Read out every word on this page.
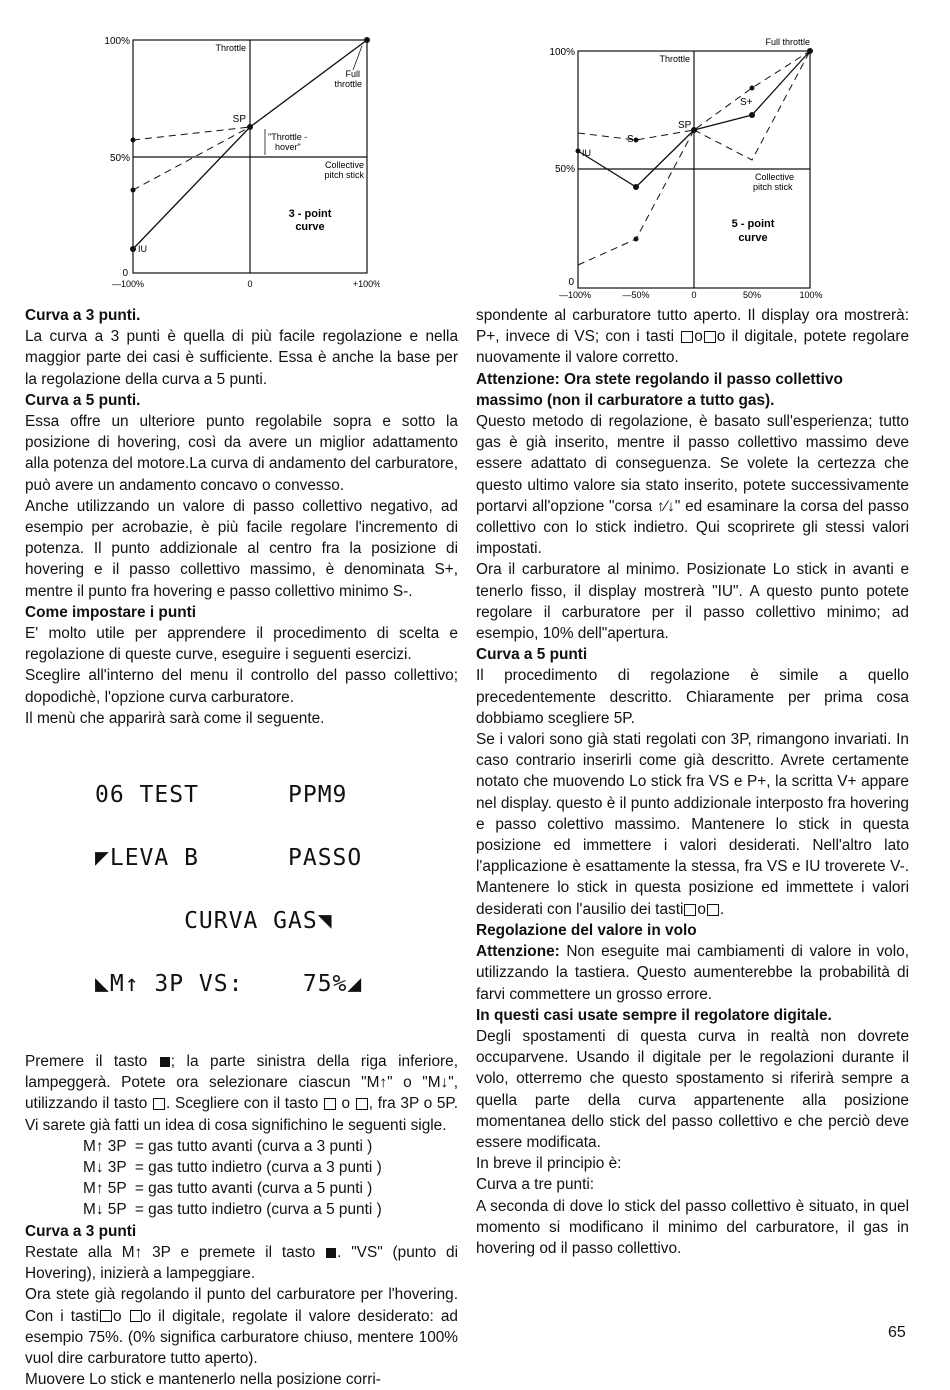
100%
50%
0
—100%	0	+100%
Throttle
Full
throttle
SP
"Throttle -
hover"
Collective
pitch stick
IU
3 - point
curve
100%
50%
0
—100%	—50%	0	50%	100%
Full throttle
Throttle
S+
S–
SP
IU
Collective
pitch stick
5 - point
curve
Curva a 3 punti.

La curva a 3 punti è quella di più facile regolazione e nella maggior parte dei casi è sufficiente. Essa è anche la base per la regolazione della curva a 5 punti.

Curva a 5 punti.

Essa offre un ulteriore punto regolabile sopra e sotto la posizione di hovering, così da avere un miglior adattamento alla potenza del motore.La curva di andamento del carburatore, può avere un andamento concavo o convesso.

Anche utilizzando un valore di passo collettivo negativo, ad esempio per acrobazie, è più facile regolare l'incremento di potenza. Il punto addizionale al centro fra la posizione di hovering e il passo collettivo massimo, è denominata S+, mentre il punto fra hovering e passo collettivo minimo S-.

Come impostare i punti

E' molto utile per apprendere il procedimento di scelta e regolazione di queste curve, eseguire i seguenti esercizi.

Sceglire all'interno del menu il controllo del passo collettivo; dopodichè, l'opzione curva carburatore.

Il menù che apparirà sarà come il seguente.

06 TEST      PPM9

◤LEVA B      PASSO

CURVA GAS◥

◣M↑ 3P VS:    75%◢

Premere il tasto ; la parte sinistra della riga inferiore, lampeggerà. Potete ora selezionare ciascun "M↑" o "M↓", utilizzando il tasto . Scegliere con il tasto o , fra 3P o 5P. Vi sarete già fatti un idea di cosa significhino le seguenti sigle.

M↑ 3P  = gas tutto avanti (curva a 3 punti )
M↓ 3P  = gas tutto indietro (curva a 3 punti )
M↑ 5P  = gas tutto avanti (curva a 5 punti )
M↓ 5P  = gas tutto indietro (curva a 5 punti )
Curva a 3 punti

Restate alla M↑ 3P e premete il tasto . "VS" (punto di Hovering), inizierà a lampeggiare.

Ora stete già regolando il punto del carburatore per l'hovering. Con i tasti o o il digitale, regolate il valore desiderato: ad esempio 75%. (0% significa carburatore chiuso, mentere 100% vuol dire carburatore tutto aperto).

Muovere Lo stick e mantenerlo nella posizione corri-

spondente al carburatore tutto aperto. Il display ora mostrerà: P+, invece di VS; con i tasti o o il digitale, potete regolare nuovamente il valore corretto.

Attenzione: Ora stete regolando il passo collettivo massimo (non il carburatore a tutto gas).

Questo metodo di regolazione, è basato sull'esperienza; tutto gas è già inserito, mentre il passo collettivo massimo deve essere adattato di conseguenza. Se volete la certezza che questo ultimo valore sia stato inserito, potete successivamente portarvi all'opzione "corsa ↑∕↓" ed esaminare la corsa del passo collettivo con lo stick indietro. Qui scoprirete gli stessi valori impostati.

Ora il carburatore al minimo. Posizionate Lo stick in avanti e tenerlo fisso, il display mostrerà "IU". A questo punto potete regolare il carburatore per il passo collettivo minimo; ad esempio, 10% dell"apertura.

Curva a 5 punti

Il procedimento di regolazione è simile a quello precedentemente descritto. Chiaramente per prima cosa dobbiamo scegliere 5P.

Se i valori sono già stati regolati con 3P, rimangono invariati. In caso contrario inserirli come già descritto. Avrete certamente notato che muovendo Lo stick fra VS e P+, la scritta V+ appare nel display. questo è il punto addizionale interposto fra hovering e passo colettivo massimo. Mantenere lo stick in questa posizione ed immettere i valori desiderati. Nell'altro lato l'applicazione è esattamente la stessa, fra VS e IU troverete V-. Mantenere lo stick in questa posizione ed immettete i valori desiderati con l'ausilio dei tasti o .

Regolazione del valore in volo

Attenzione: Non eseguite mai cambiamenti di valore in volo, utilizzando la tastiera. Questo aumenterebbe la probabilità di farvi commettere un grosso errore.

In questi casi usate sempre il regolatore digitale.

Degli spostamenti di questa curva in realtà non dovrete occuparvene. Usando il digitale per le regolazioni durante il volo, otterremo che questo spostamento si riferirà sempre a quella parte della curva appartenente alla posizione momentanea dello stick del passo collettivo e che perciò deve essere modificata.

In breve il principio è:

Curva a tre punti:

A seconda di dove lo stick del passo collettivo è situato, in quel momento si modificano il minimo del carburatore, il gas in hovering od il passo collettivo.

65
